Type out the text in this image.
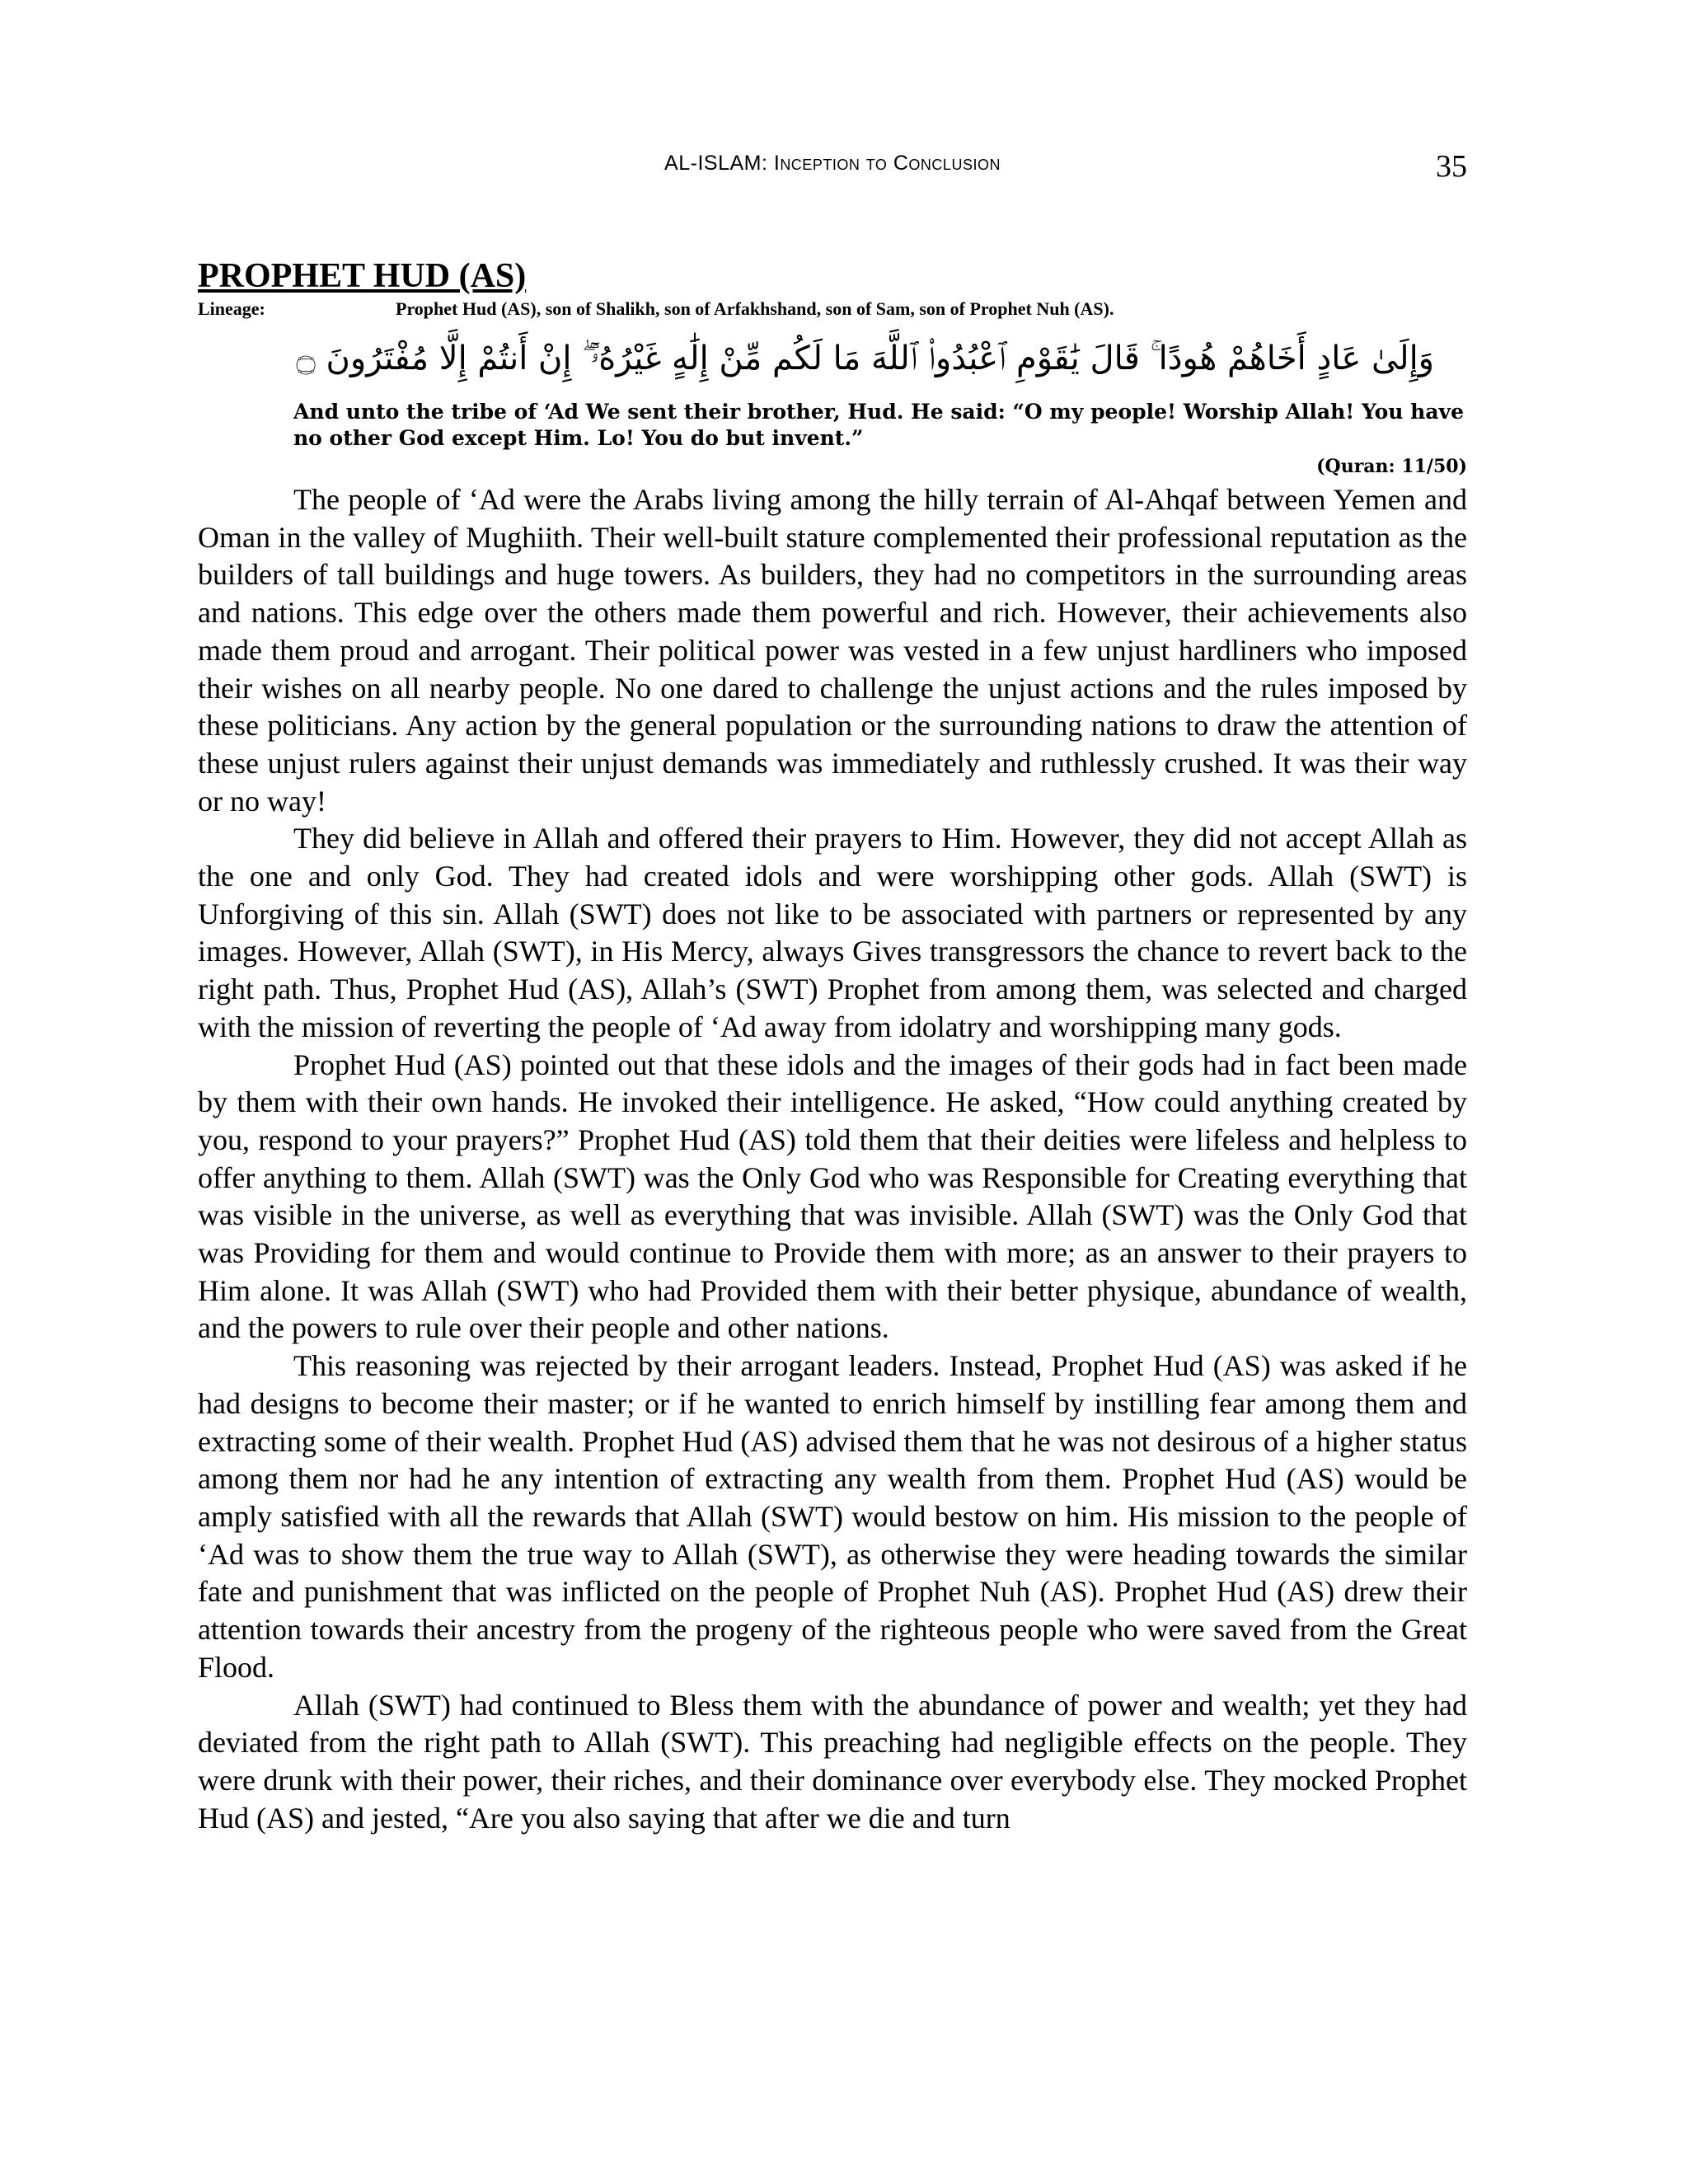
AL-ISLAM: Inception to Conclusion	35
PROPHET HUD (AS)
Lineage:	Prophet Hud (AS), son of Shalikh, son of Arfakhshand, son of Sam, son of Prophet Nuh (AS).
وَإِلَىٰ عَادٍ أَخَاهُمْ هُودًا ۚ قَالَ يَٰقَوْمِ ٱعْبُدُوا۟ ٱللَّهَ مَا لَكُم مِّنْ إِلَٰهٍ غَيْرُهُۥٓ ۖ إِنْ أَنتُمْ إِلَّا مُفْتَرُونَ ۝
And unto the tribe of ‘Ad We sent their brother, Hud. He said: “O my people! Worship Allah! You have no other God except Him. Lo! You do but invent.”
(Quran: 11/50)

The people of ‘Ad were the Arabs living among the hilly terrain of Al-Ahqaf between Yemen and Oman in the valley of Mughiith. Their well-built stature complemented their professional reputation as the builders of tall buildings and huge towers. As builders, they had no competitors in the surrounding areas and nations. This edge over the others made them powerful and rich. However, their achievements also made them proud and arrogant. Their political power was vested in a few unjust hardliners who imposed their wishes on all nearby people. No one dared to challenge the unjust actions and the rules imposed by these politicians. Any action by the general population or the surrounding nations to draw the attention of these unjust rulers against their unjust demands was immediately and ruthlessly crushed. It was their way or no way!

They did believe in Allah and offered their prayers to Him. However, they did not accept Allah as the one and only God. They had created idols and were worshipping other gods. Allah (SWT) is Unforgiving of this sin. Allah (SWT) does not like to be associated with partners or represented by any images. However, Allah (SWT), in His Mercy, always Gives transgressors the chance to revert back to the right path. Thus, Prophet Hud (AS), Allah’s (SWT) Prophet from among them, was selected and charged with the mission of reverting the people of ‘Ad away from idolatry and worshipping many gods.

Prophet Hud (AS) pointed out that these idols and the images of their gods had in fact been made by them with their own hands. He invoked their intelligence. He asked, “How could anything created by you, respond to your prayers?” Prophet Hud (AS) told them that their deities were lifeless and helpless to offer anything to them. Allah (SWT) was the Only God who was Responsible for Creating everything that was visible in the universe, as well as everything that was invisible. Allah (SWT) was the Only God that was Providing for them and would continue to Provide them with more; as an answer to their prayers to Him alone. It was Allah (SWT) who had Provided them with their better physique, abundance of wealth, and the powers to rule over their people and other nations.

This reasoning was rejected by their arrogant leaders. Instead, Prophet Hud (AS) was asked if he had designs to become their master; or if he wanted to enrich himself by instilling fear among them and extracting some of their wealth. Prophet Hud (AS) advised them that he was not desirous of a higher status among them nor had he any intention of extracting any wealth from them. Prophet Hud (AS) would be amply satisfied with all the rewards that Allah (SWT) would bestow on him. His mission to the people of ‘Ad was to show them the true way to Allah (SWT), as otherwise they were heading towards the similar fate and punishment that was inflicted on the people of Prophet Nuh (AS). Prophet Hud (AS) drew their attention towards their ancestry from the progeny of the righteous people who were saved from the Great Flood.

Allah (SWT) had continued to Bless them with the abundance of power and wealth; yet they had deviated from the right path to Allah (SWT). This preaching had negligible effects on the people. They were drunk with their power, their riches, and their dominance over everybody else. They mocked Prophet Hud (AS) and jested, “Are you also saying that after we die and turn
